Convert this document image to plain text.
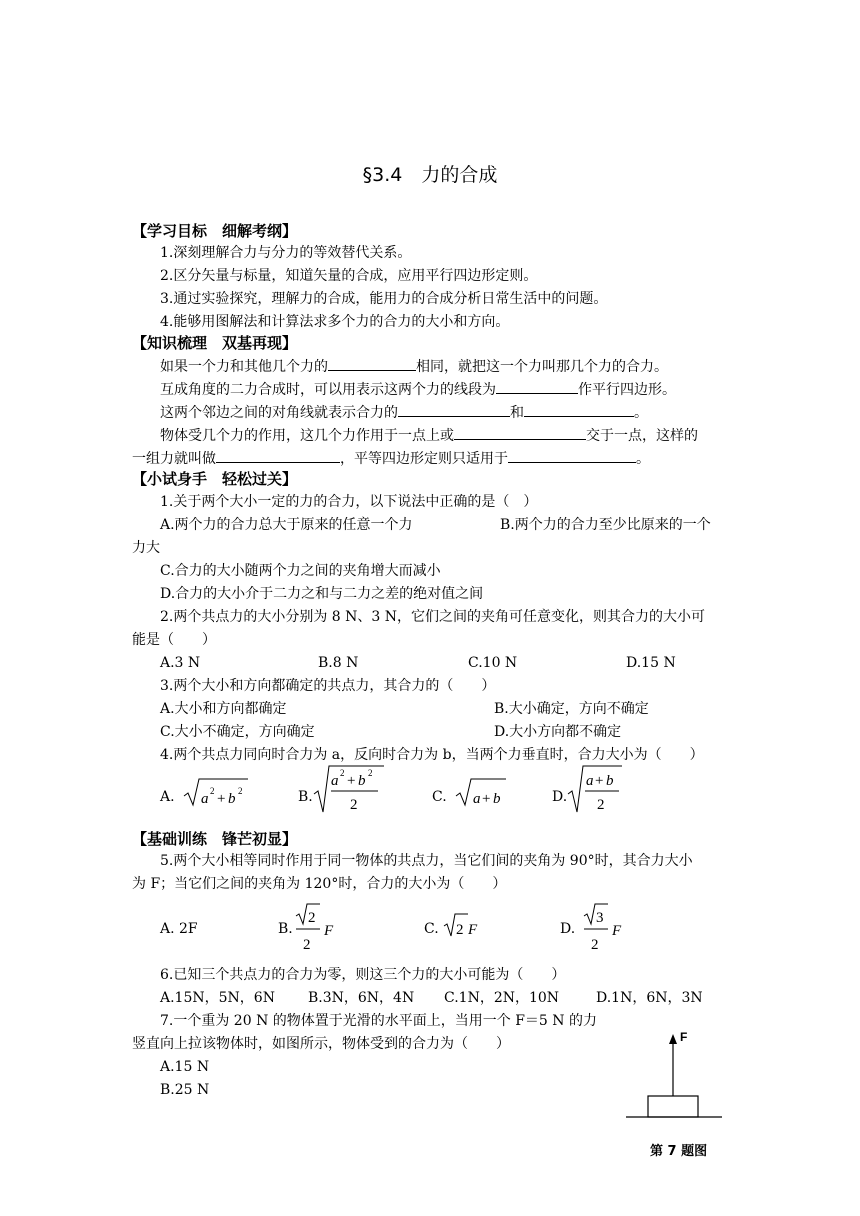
§3.4　力的合成
【学习目标　细解考纲】
1.深刻理解合力与分力的等效替代关系。
2.区分矢量与标量，知道矢量的合成，应用平行四边形定则。
3.通过实验探究，理解力的合成，能用力的合成分析日常生活中的问题。
4.能够用图解法和计算法求多个力的合力的大小和方向。
【知识梳理　双基再现】
如果一个力和其他几个力的	相同，就把这一个力叫那几个力的合力。
互成角度的二力合成时，可以用表示这两个力的线段为	作平行四边形。
这两个邻边之间的对角线就表示合力的	和	。
物体受几个力的作用，这几个力作用于一点上或	交于一点，这样的
一组力就叫做	，平等四边形定则只适用于	。
【小试身手　轻松过关】
1.关于两个大小一定的力的合力，以下说法中正确的是（　）
A.两个力的合力总大于原来的任意一个力	B.两个力的合力至少比原来的一个
力大
C.合力的大小随两个力之间的夹角增大而减小
D.合力的大小介于二力之和与二力之差的绝对值之间
2.两个共点力的大小分别为 8 N、3 N，它们之间的夹角可任意变化，则其合力的大小可
能是（　　）
A.3 N	B.8 N	C.10 N	D.15 N
3.两个大小和方向都确定的共点力，其合力的（　　）
A.大小和方向都确定	B.大小确定，方向不确定
C.大小不确定，方向确定	D.大小方向都不确定
4.两个共点力同向时合力为 a，反向时合力为 b，当两个力垂直时，合力大小为（　　）
A. a 2 + b 2	B.
a 2 + b 2
2	C. a + b	D.
a + b
2
【基础训练　锋芒初显】
5.两个大小相等同时作用于同一物体的共点力，当它们间的夹角为 90°时，其合力大小
为 F；当它们之间的夹角为 120°时，合力的大小为（　　）
A. 2F	B.
2
2
F	C. 2 F	D.
3
2
F
6.已知三个共点力的合力为零，则这三个力的大小可能为（　　）
A.15N，5N，6N B.3N，6N，4N C.1N，2N，10N	D.1N，6N，3N
7.一个重为 20 N 的物体置于光滑的水平面上，当用一个 F＝5 N 的力
竖直向上拉该物体时，如图所示，物体受到的合力为（　　）
A.15 N
B.25 N
F
第 7 题图
